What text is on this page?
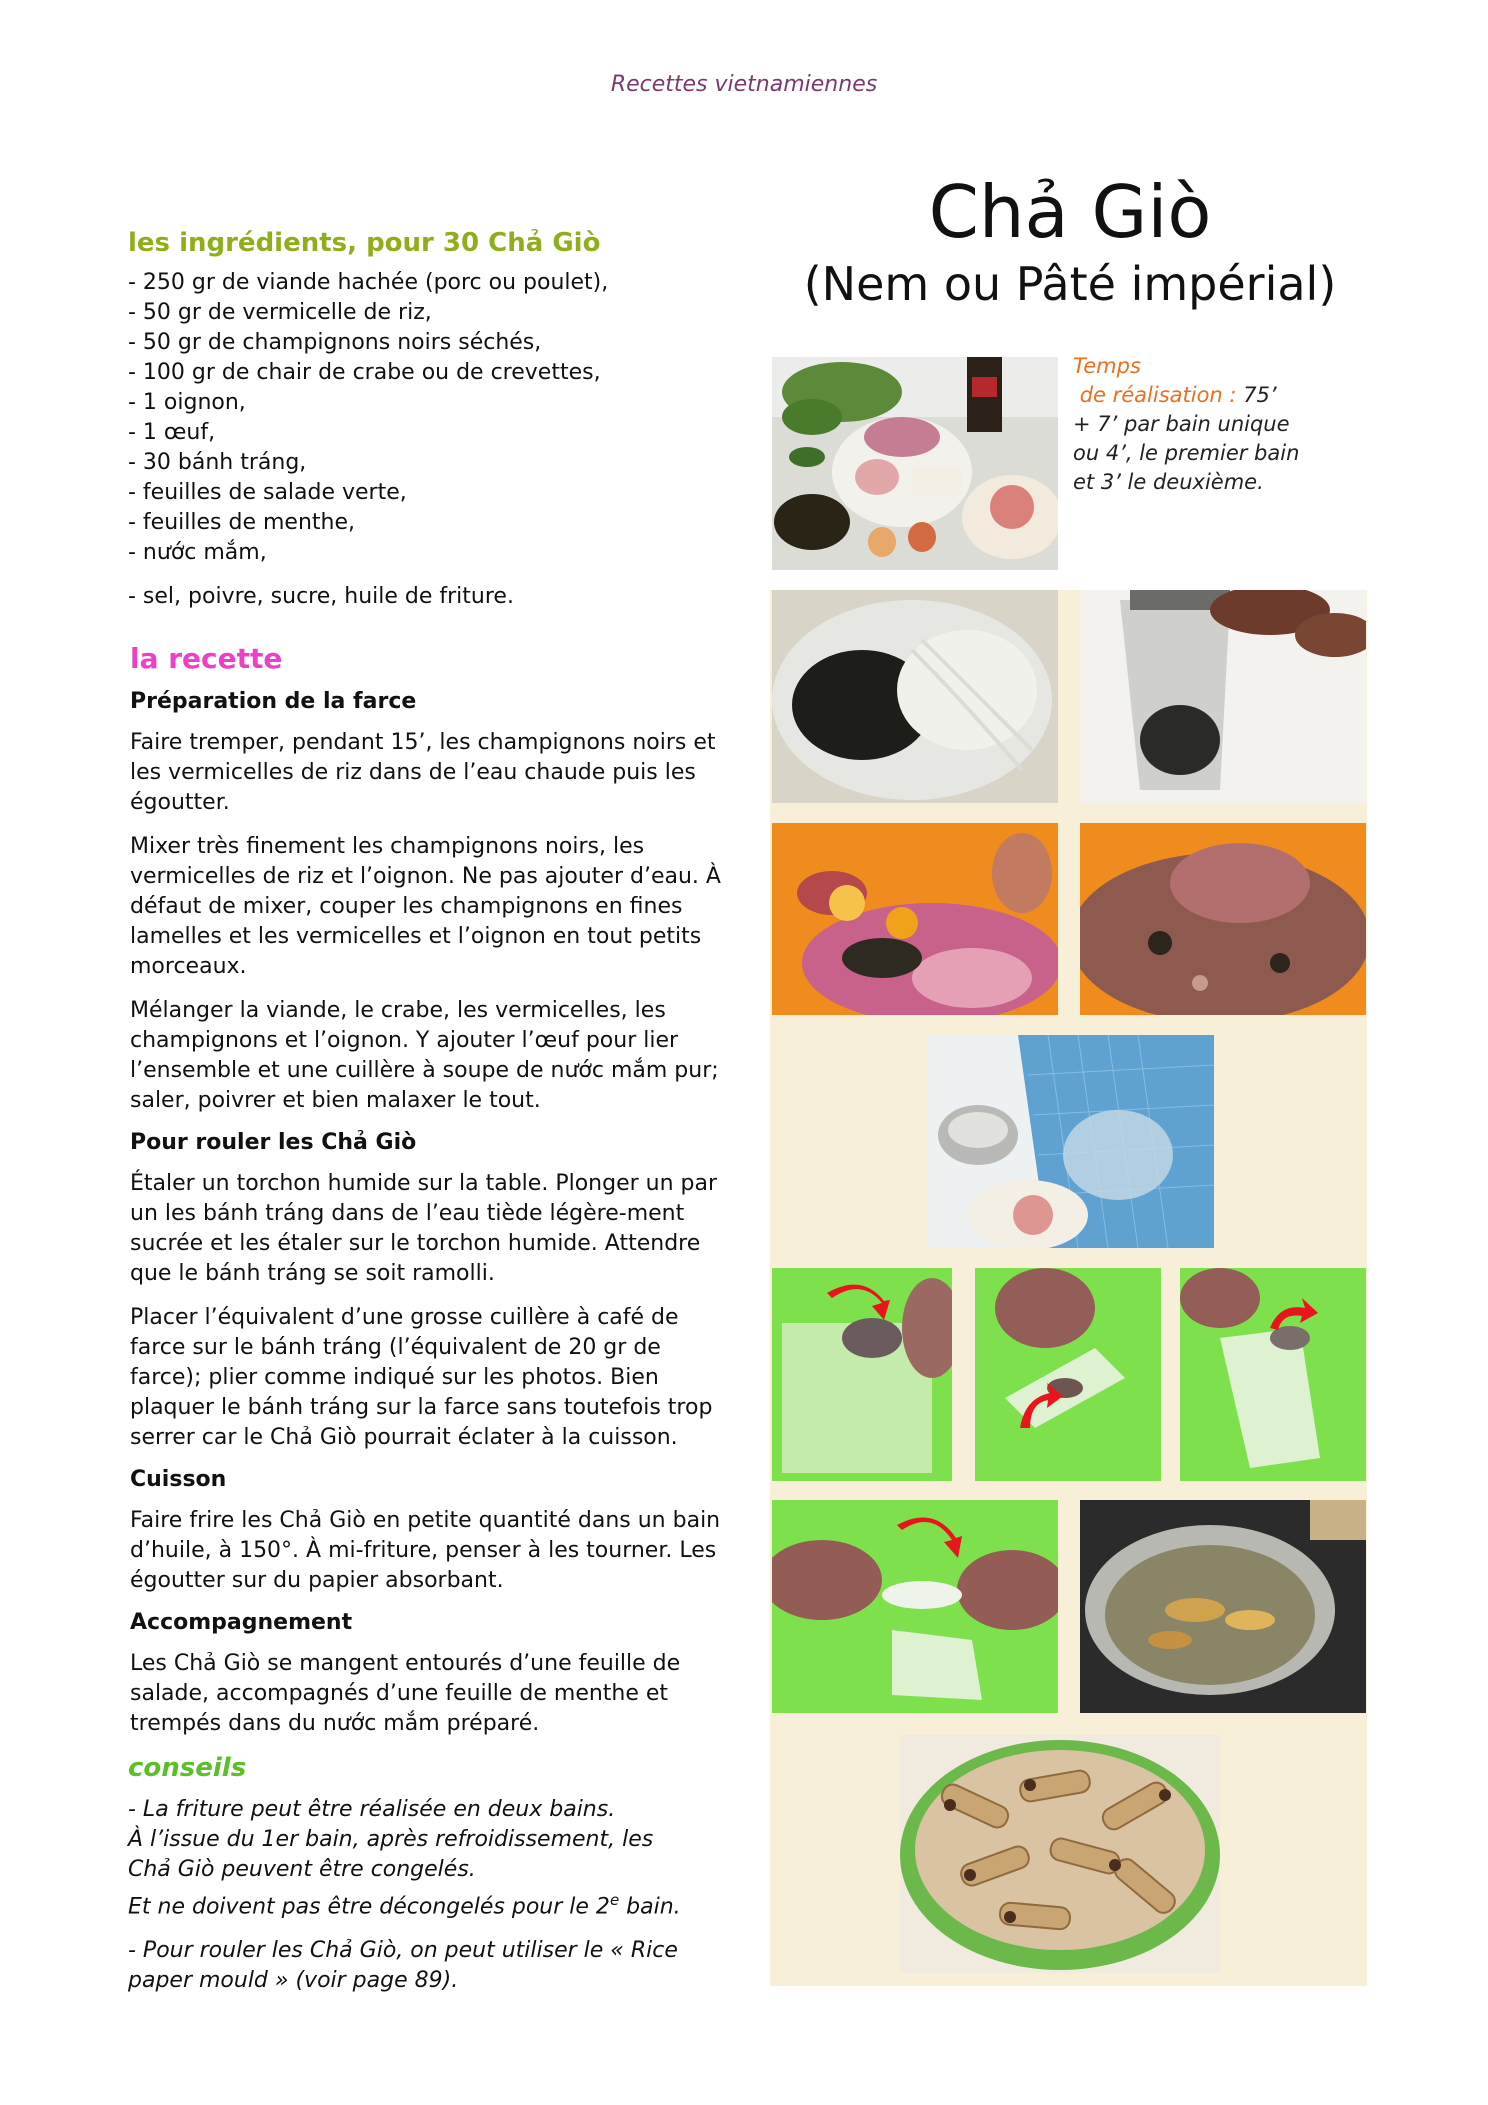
Recettes vietnamiennes
les ingrédients, pour 30 Chả Giò
- 250 gr de viande hachée (porc ou poulet),
- 50 gr de vermicelle de riz,
- 50 gr de champignons noirs séchés,
- 100 gr de chair de crabe ou de crevettes,
- 1 oignon,
- 1 œuf,
- 30 bánh tráng,
- feuilles de salade verte,
- feuilles de menthe,
- nước mắm,
- sel, poivre, sucre, huile de friture.
la recette
Préparation de la farce

Faire tremper, pendant 15’, les champignons noirs et les vermicelles de riz dans de l’eau chaude puis les égoutter.

Mixer très finement les champignons noirs, les vermicelles de riz et l’oignon. Ne pas ajouter d’eau. À défaut de mixer, couper les champignons en fines lamelles et les vermicelles et l’oignon en tout petits morceaux.

Mélanger la viande, le crabe, les vermicelles, les champignons et l’oignon. Y ajouter l’œuf pour lier l’ensemble et une cuillère à soupe de nước mắm pur; saler, poivrer et bien malaxer le tout.

Pour rouler les Chả Giò

Étaler un torchon humide sur la table. Plonger un par un les bánh tráng dans de l’eau tiède légère-ment sucrée et les étaler sur le torchon humide. Attendre que le bánh tráng se soit ramolli.

Placer l’équivalent d’une grosse cuillère à café de farce sur le bánh tráng (l’équivalent de 20 gr de farce); plier comme indiqué sur les photos. Bien plaquer le bánh tráng sur la farce sans toutefois trop serrer car le Chả Giò pourrait éclater à la cuisson.

Cuisson

Faire frire les Chả Giò en petite quantité dans un bain d’huile, à 150°. À mi-friture, penser à les tourner. Les égoutter sur du papier absorbant.

Accompagnement

Les Chả Giò se mangent entourés d’une feuille de salade, accompagnés d’une feuille de menthe et trempés dans du nước mắm préparé.

conseils
- La friture peut être réalisée en deux bains.
À l’issue du 1er bain, après refroidissement, les
Chả Giò peuvent être congelés.
Et ne doivent pas être décongelés pour le 2e bain.
- Pour rouler les Chả Giò, on peut utiliser le « Rice paper mould » (voir page 89).
Chả Giò
(Nem ou Pâté impérial)
Temps
de réalisation : 75’
+ 7’ par bain unique
ou 4’, le premier bain
et 3’ le deuxième.
